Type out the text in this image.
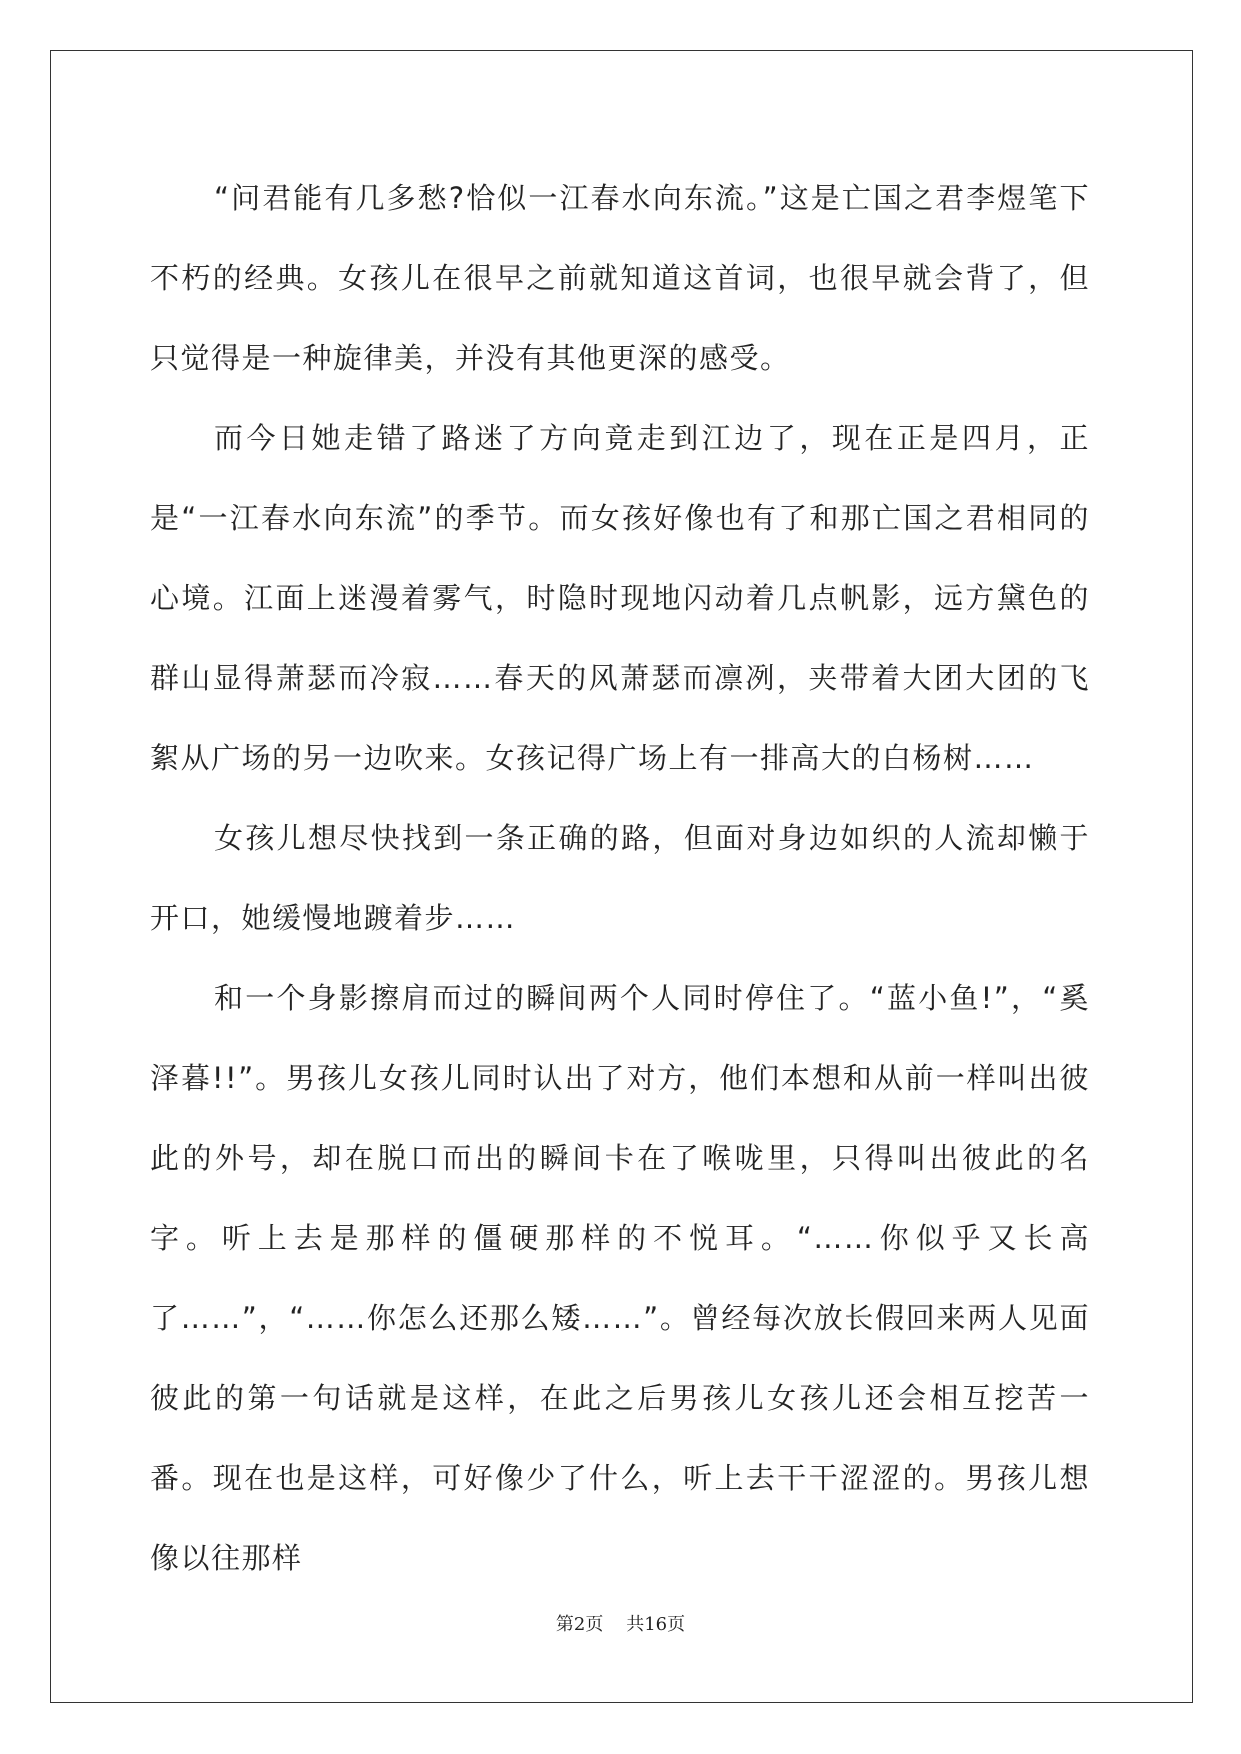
“问君能有几多愁?恰似一江春水向东流。”这是亡国之君李煜笔下不朽的经典。女孩儿在很早之前就知道这首词，也很早就会背了，但只觉得是一种旋律美，并没有其他更深的感受。

而今日她走错了路迷了方向竟走到江边了，现在正是四月，正是“一江春水向东流”的季节。而女孩好像也有了和那亡国之君相同的心境。江面上迷漫着雾气，时隐时现地闪动着几点帆影，远方黛色的群山显得萧瑟而冷寂……春天的风萧瑟而凛冽，夹带着大团大团的飞絮从广场的另一边吹来。女孩记得广场上有一排高大的白杨树……

女孩儿想尽快找到一条正确的路，但面对身边如织的人流却懒于开口，她缓慢地踱着步……

和一个身影擦肩而过的瞬间两个人同时停住了。“蓝小鱼!”，“奚泽暮!!”。男孩儿女孩儿同时认出了对方，他们本想和从前一样叫出彼此的外号，却在脱口而出的瞬间卡在了喉咙里，只得叫出彼此的名字。听上去是那样的僵硬那样的不悦耳。“……你似乎又长高了……”，“……你怎么还那么矮……”。曾经每次放长假回来两人见面彼此的第一句话就是这样，在此之后男孩儿女孩儿还会相互挖苦一番。现在也是这样，可好像少了什么，听上去干干涩涩的。男孩儿想像以往那样

第2页 共16页
